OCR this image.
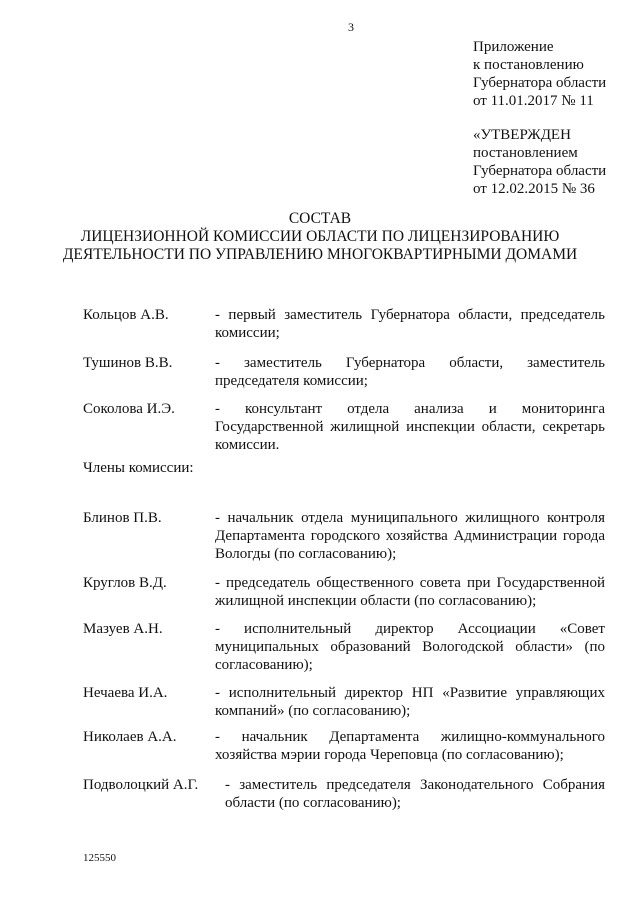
3
Приложение
к постановлению
Губернатора области
от 11.01.2017 № 11
«УТВЕРЖДЕН
постановлением
Губернатора области
от 12.02.2015 № 36
СОСТАВ
ЛИЦЕНЗИОННОЙ КОМИССИИ ОБЛАСТИ ПО ЛИЦЕНЗИРОВАНИЮ
ДЕЯТЕЛЬНОСТИ ПО УПРАВЛЕНИЮ МНОГОКВАРТИРНЫМИ ДОМАМИ
Кольцов А.В.	- первый заместитель Губернатора области, председатель комиссии;
Тушинов В.В.	- заместитель Губернатора области, заместитель председателя комиссии;
Соколова И.Э.	- консультант отдела анализа и мониторинга Государственной жилищной инспекции области, секретарь комиссии.
Члены комиссии:
Блинов П.В.	- начальник отдела муниципального жилищного контроля Департамента городского хозяйства Администрации города Вологды (по согласованию);
Круглов В.Д.	- председатель общественного совета при Государственной жилищной инспекции области (по согласованию);
Мазуев А.Н.	- исполнительный директор Ассоциации «Совет муниципальных образований Вологодской области» (по согласованию);
Нечаева И.А.	- исполнительный директор НП «Развитие управляющих компаний» (по согласованию);
Николаев А.А.	- начальник Департамента жилищно-коммунального хозяйства мэрии города Череповца (по согласованию);
Подволоцкий А.Г. - заместитель председателя Законодательного Собрания области (по согласованию);
125550
